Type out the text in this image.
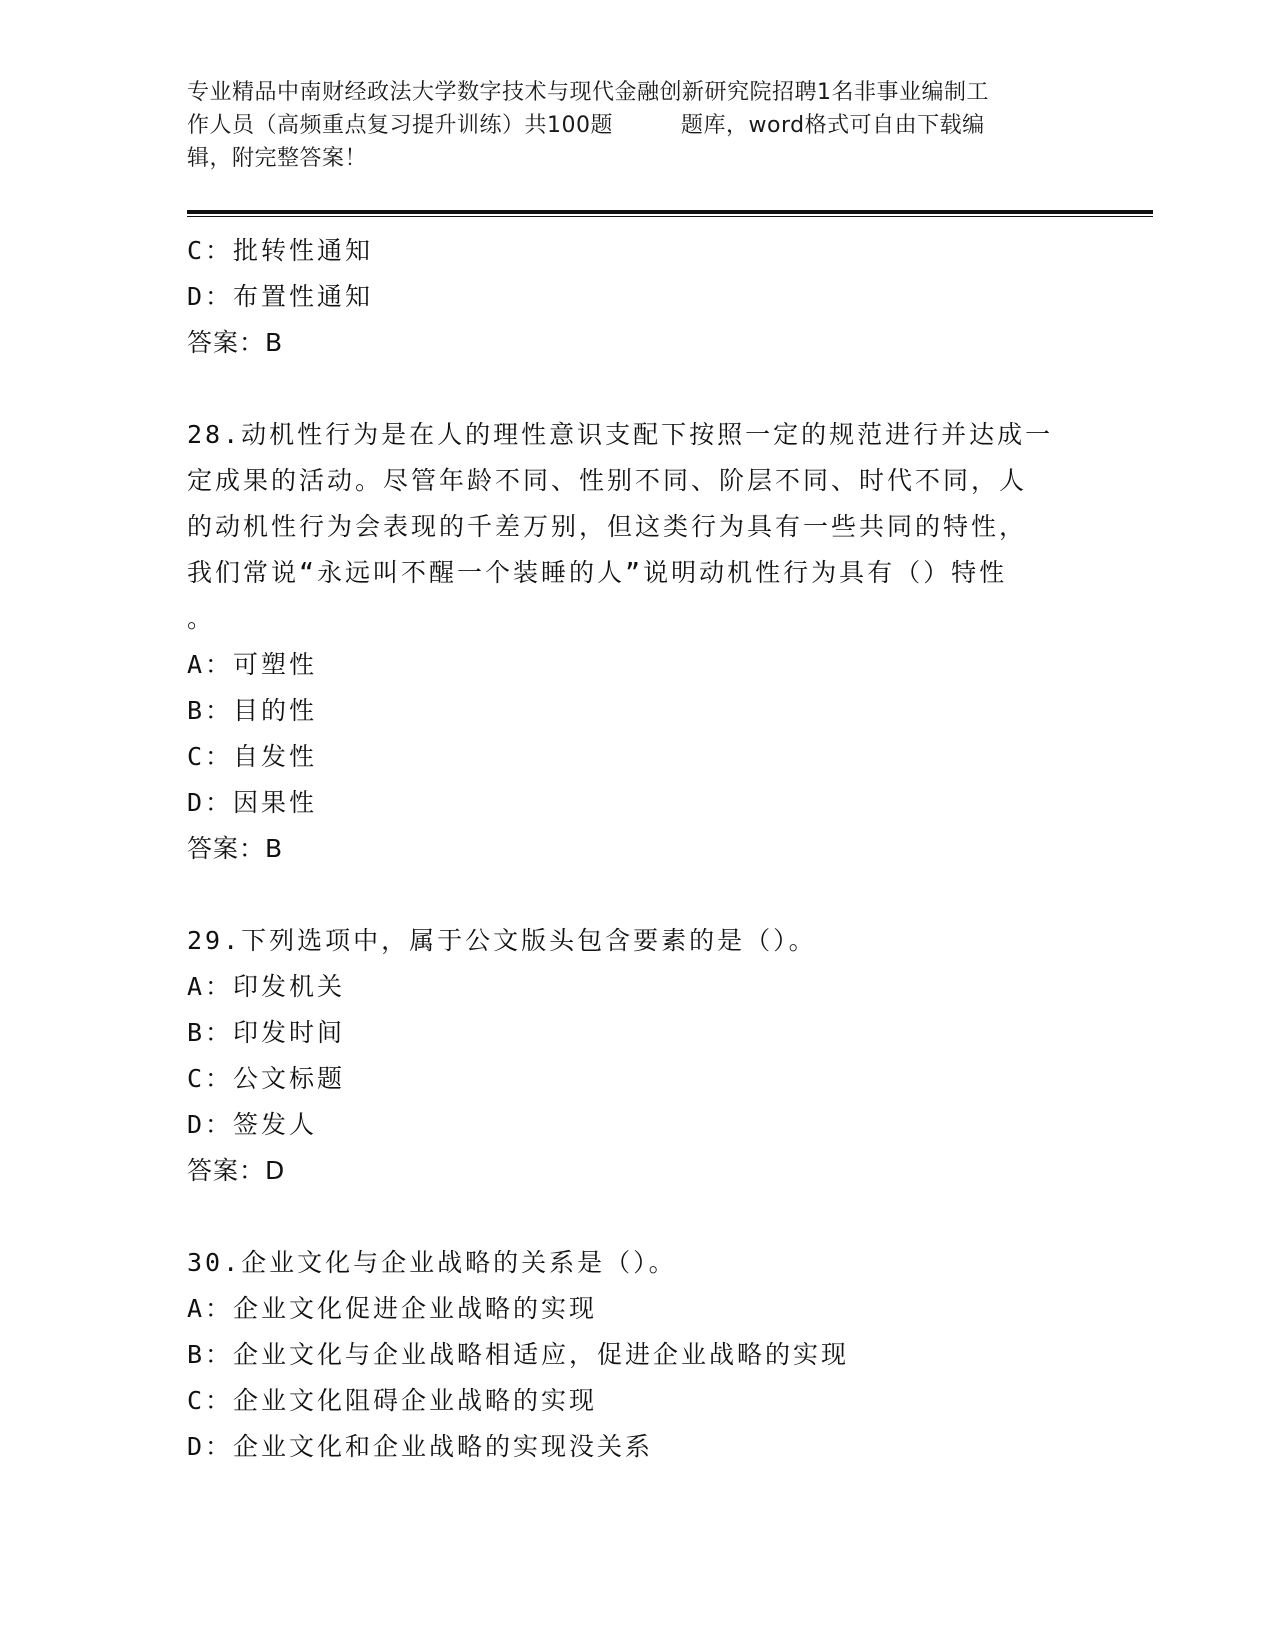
专业精品中南财经政法大学数字技术与现代金融创新研究院招聘1名非事业编制工
作人员（高频重点复习提升训练）共100题	题库，word格式可自由下载编
辑，附完整答案！
C：批转性通知
D：布置性通知
答案：B
28.动机性行为是在人的理性意识支配下按照一定的规范进行并达成一
定成果的活动。尽管年龄不同、性别不同、阶层不同、时代不同，人
的动机性行为会表现的千差万别，但这类行为具有一些共同的特性，
我们常说“永远叫不醒一个装睡的人”说明动机性行为具有（）特性
。
A：可塑性
B：目的性
C：自发性
D：因果性
答案：B
29.下列选项中，属于公文版头包含要素的是（）。
A：印发机关
B：印发时间
C：公文标题
D：签发人
答案：D
30.企业文化与企业战略的关系是（）。
A：企业文化促进企业战略的实现
B：企业文化与企业战略相适应，促进企业战略的实现
C：企业文化阻碍企业战略的实现
D：企业文化和企业战略的实现没关系
